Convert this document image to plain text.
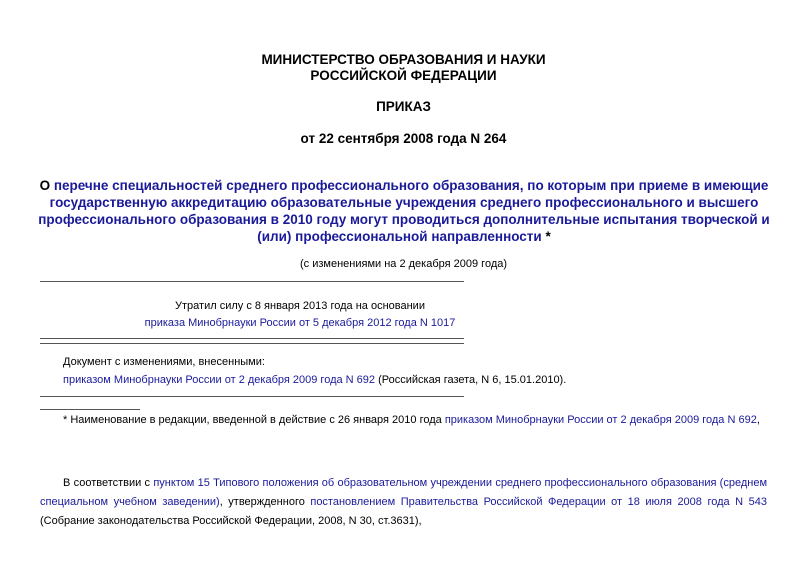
МИНИСТЕРСТВО ОБРАЗОВАНИЯ И НАУКИ
РОССИЙСКОЙ ФЕДЕРАЦИИ
ПРИКАЗ
от 22 сентября 2008 года N 264
О перечне специальностей среднего профессионального образования, по которым при приеме в имеющие государственную аккредитацию образовательные учреждения среднего профессионального и высшего профессионального образования в 2010 году могут проводиться дополнительные испытания творческой и (или) профессиональной направленности *
(с изменениями на 2 декабря 2009 года)
Утратил силу с 8 января 2013 года на основании
приказа Минобрнауки России от 5 декабря 2012 года N 1017
Документ с изменениями, внесенными:
приказом Минобрнауки России от 2 декабря 2009 года N 692 (Российская газета, N 6, 15.01.2010).
* Наименование в редакции, введенной в действие с 26 января 2010 года приказом Минобрнауки России от 2 декабря 2009 года N 692,
В соответствии с пунктом 15 Типового положения об образовательном учреждении среднего профессионального образования (среднем специальном учебном заведении), утвержденного постановлением Правительства Российской Федерации от 18 июля 2008 года N 543 (Собрание законодательства Российской Федерации, 2008, N 30, ст.3631),
